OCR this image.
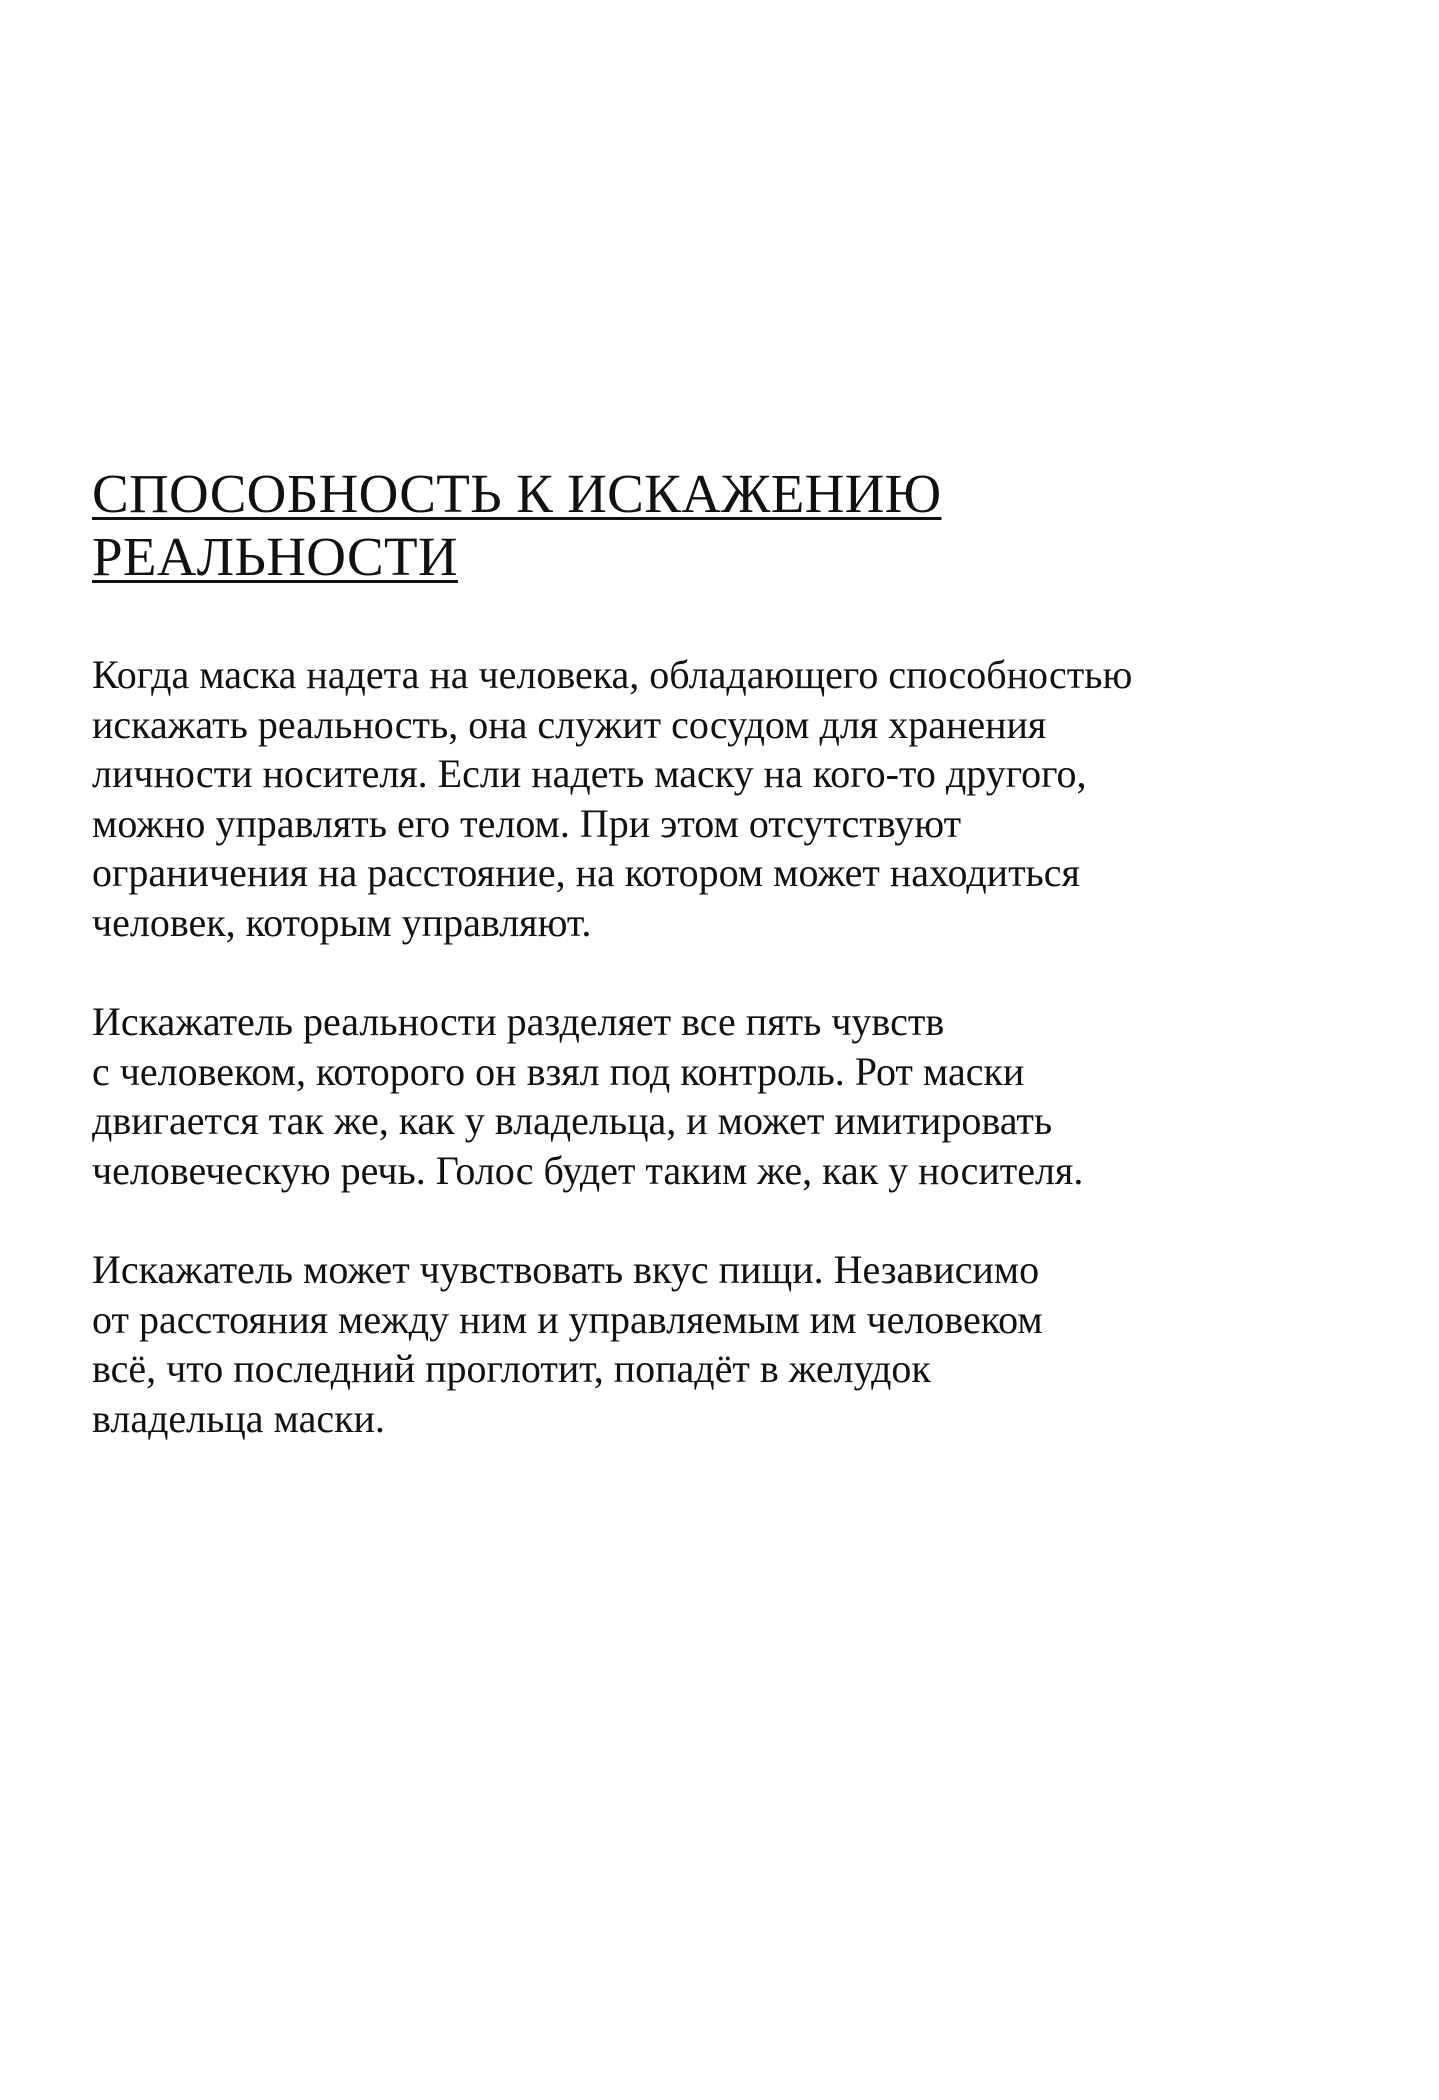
СПОСОБНОСТЬ К ИСКАЖЕНИЮ
РЕАЛЬНОСТИ

Когда маска надета на человека, обладающего способностью
искажать реальность, она служит сосудом для хранения
личности носителя. Если надеть маску на кого-то другого,
можно управлять его телом. При этом отсутствуют
ограничения на расстояние, на котором может находиться
человек, которым управляют.

Искажатель реальности разделяет все пять чувств
с человеком, которого он взял под контроль. Рот маски
двигается так же, как у владельца, и может имитировать
человеческую речь. Голос будет таким же, как у носителя.

Искажатель может чувствовать вкус пищи. Независимо
от расстояния между ним и управляемым им человеком
всё, что последний проглотит, попадёт в желудок
владельца маски.
